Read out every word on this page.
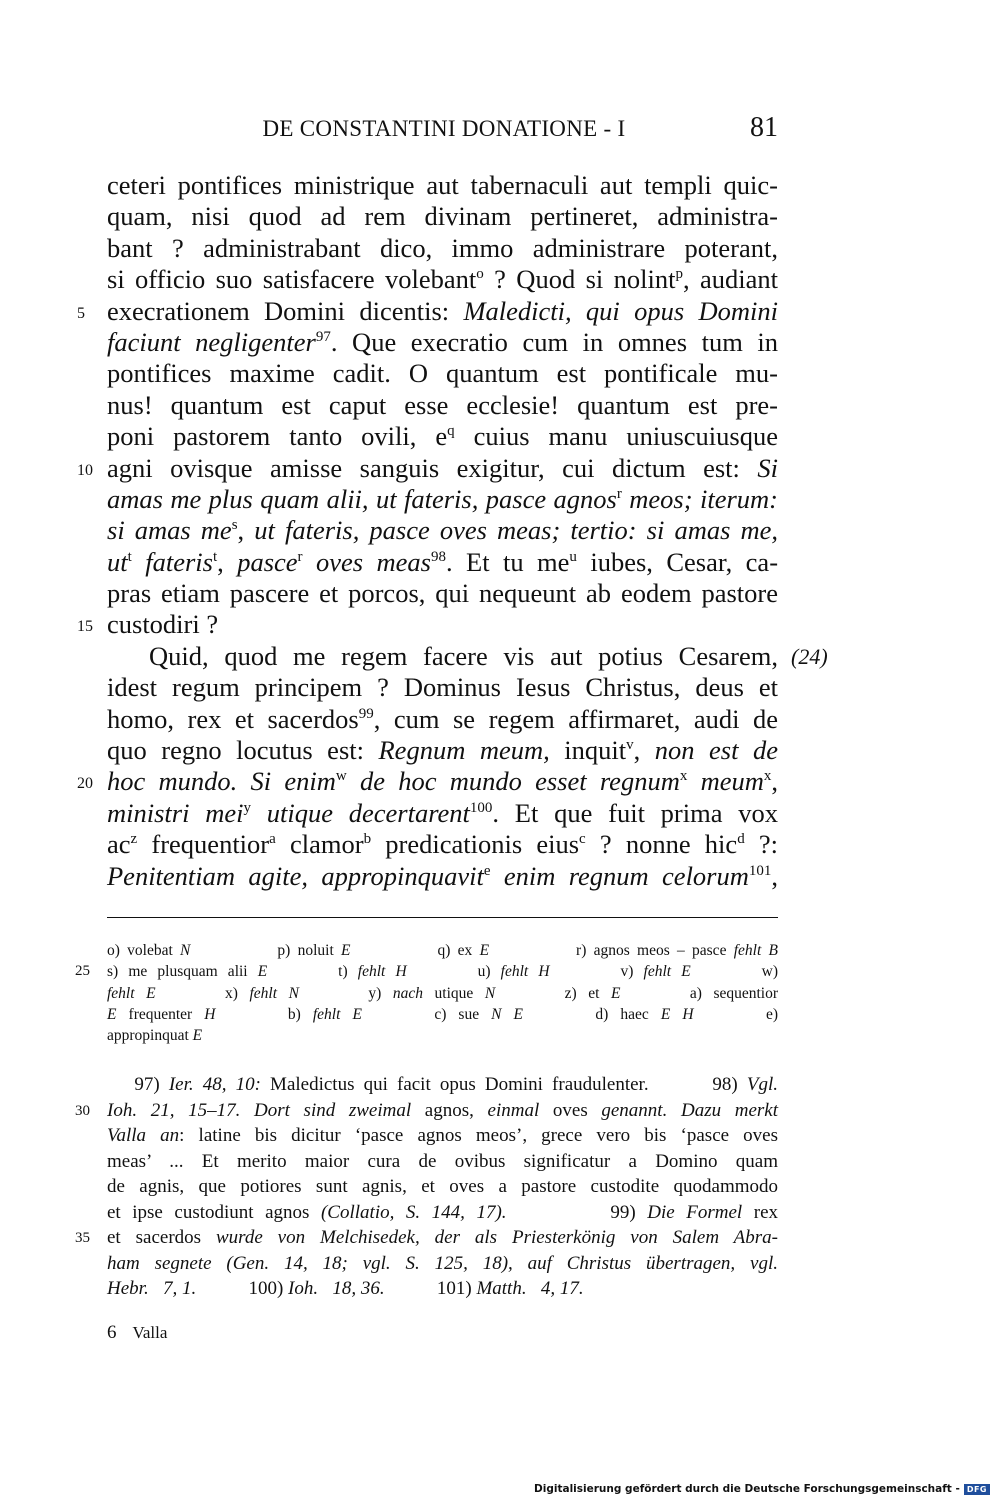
DE CONSTANTINI DONATIONE - I	81
ceteri pontifices ministrique aut tabernaculi aut templi quic-
quam, nisi quod ad rem divinam pertineret, administra-
bant ? administrabant dico, immo administrare poterant,
si officio suo satisfacere volebant$^o$ ? Quod si nolint$^p$, audiant
execrationem Domini dicentis: Maledicti, qui opus Domini
5
faciunt negligenter$^{97}$. Que execratio cum in omnes tum in
pontifices maxime cadit. O quantum est pontificale mu-
nus! quantum est caput esse ecclesie! quantum est pre-
poni pastorem tanto ovili, $e^q$ cuius manu uniuscuiusque
agni ovisque amisse sanguis exigitur, cui dictum est: Si
10
amas me plus quam alii, ut fateris, pasce agnos$^r$ meos; iterum:
si amas $me^s$, ut fateris, pasce oves meas; tertio: si amas me,
$ut^t$ fateris$^t$, pasce$^r$ oves meas$^{98}$. Et tu $me^u$ iubes, Cesar, ca-
pras etiam pascere et porcos, qui nequeunt ab eodem pastore
custodiri ?
15
Quid, quod me regem facere vis aut potius Cesarem, (24)
idest regum principem ? Dominus Iesus Christus, deus et
homo, rex et sacerdos$^{99}$, cum se regem affirmaret, audi de
quo regno locutus est: Regnum meum, inquit$^v$, non est de
hoc mundo. Si enim$^w$ de hoc mundo esset regnum$^x$ meum$^x$,
20
ministri mei$^y$ utique decertarent$^{100}$. Et que fuit prima vox
$ac^z$ frequentior$^a$ clamor$^b$ predicationis eius$^c$ ? nonne hic$^d$ ?:
Penitentiam agite, appropinquavit$^e$ enim regnum celorum$^{101}$,
o) volebat N            p) noluit E            q) ex E            r) agnos meos – pasce fehlt B
s) me plusquam alii E       t) fehlt H       u) fehlt H       v) fehlt E       w)
25
fehlt E      x) fehlt N      y) nach utique N      z) et E      a) sequentior
E frequenter H      b) fehlt E      c) sue N E      d) haec E H      e)
appropinquat E
97) Ier. 48, 10: Maledictus qui facit opus Domini fraudulenter.       98) Vgl.
Ioh. 21, 15–17. Dort sind zweimal agnos, einmal oves genannt. Dazu merkt
30
Valla an: latine bis dicitur ‘pasce agnos meos’, grece vero bis ‘pasce oves
meas’ ... Et merito maior cura de ovibus significatur a Domino quam
de agnis, que potiores sunt agnis, et oves a pastore custodite quodammodo
et ipse custodiunt agnos (Collatio, S. 144, 17).         99) Die Formel rex
et sacerdos wurde von Melchisedek, der als Priesterkönig von Salem Abra-
35
ham segnete (Gen. 14, 18; vgl. S. 125, 18), auf Christus übertragen, vgl.
Hebr.   7, 1.           100) Ioh.   18, 36.           101) Matth.   4, 17.
6 Valla
Digitalisierung gefördert durch die Deutsche Forschungsgemeinschaft - DFG
